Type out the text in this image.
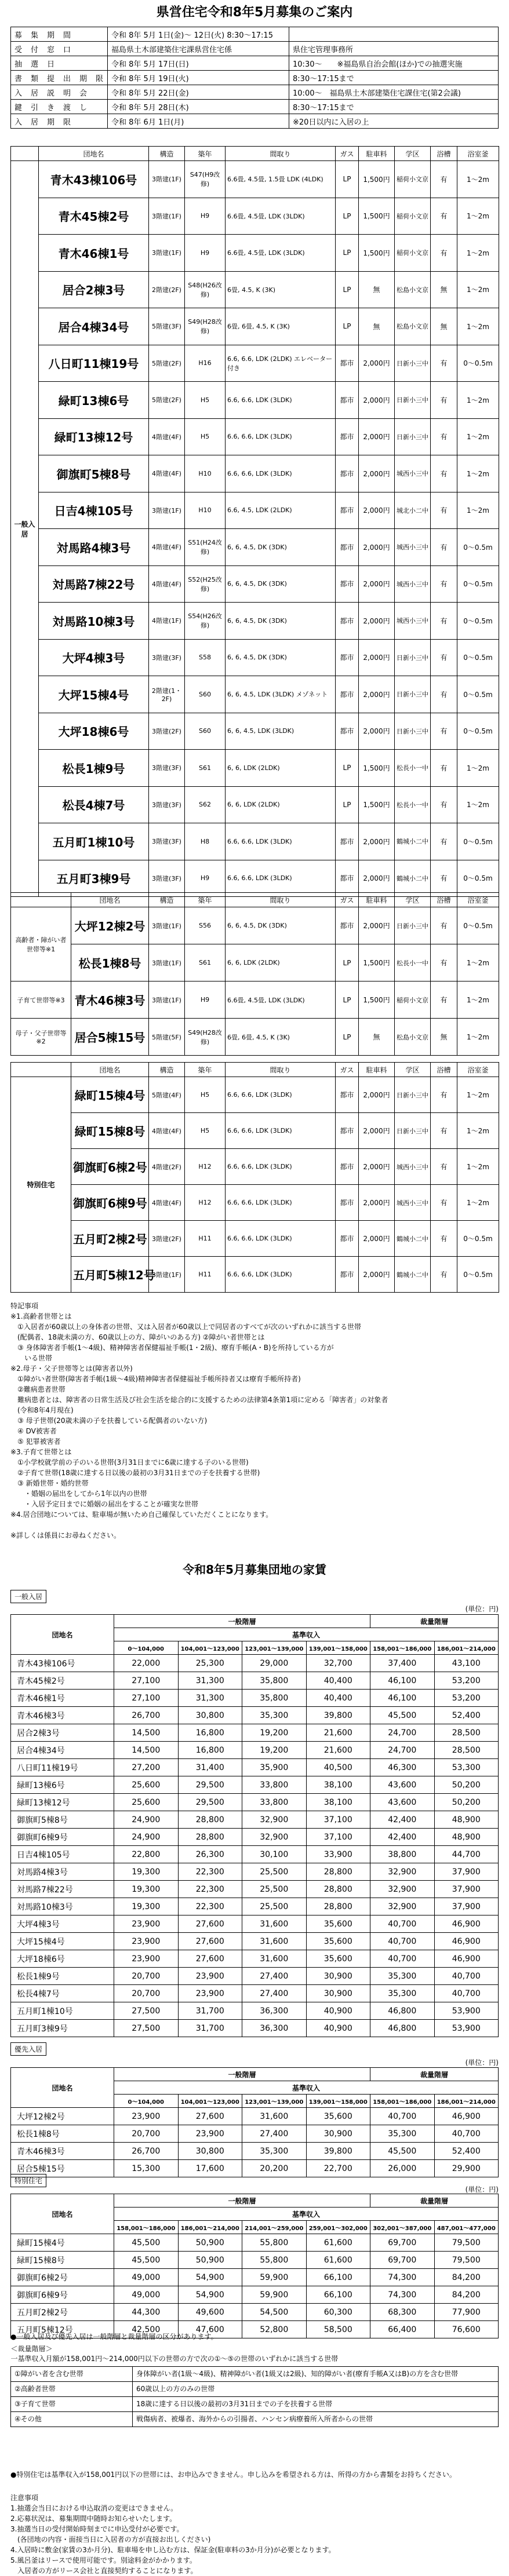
県営住宅令和8年5月募集のご案内
募　集　期　間	令和 8年 5月 1日(金)～ 12日(火) 8:30～17:15	
受　付　窓　口	福島県土木部建築住宅課県営住宅係	県住宅管理事務所
抽　選　日	令和 8年 5月 17日(日)	10:30～　　※福島県自治会館(ほか)での抽選実施
書　類　提　出　期　限	令和 8年 5月 19日(火)	8:30～17:15まで
入　居　説　明　会	令和 8年 5月 22日(金)	10:00～　福島県土木部建築住宅課住宅(第2会議)
鍵　引　き　渡　し	令和 8年 5月 28日(木)	8:30～17:15まで
入　居　期　限	令和 8年 6月 1日(月)	※20日以内に入居の上
	団地名	構造	築年	間取り	ガス	駐車料	学区	浴槽	浴室釜
一般入居	青木43棟106号	3階建(1F)	S47(H9改修)	6.6畳, 4.5畳, 1.5畳 LDK (4LDK)	LP	1,500円	稲荷小文京	有	1～2m
	青木45棟2号	3階建(1F)	H9	6.6畳, 4.5畳, LDK (3LDK)	LP	1,500円	稲荷小文京	有	1～2m
	青木46棟1号	3階建(1F)	H9	6.6畳, 4.5畳, LDK (3LDK)	LP	1,500円	稲荷小文京	有	1～2m
	居合2棟3号	2階建(2F)	S48(H26改修)	6畳, 4.5, K (3K)	LP	無	松島小文京	無	1～2m
	居合4棟34号	5階建(3F)	S49(H28改修)	6畳, 6畳, 4.5, K (3K)	LP	無	松島小文京	無	1～2m
	八日町11棟19号	5階建(2F)	H16	6.6, 6.6, LDK (2LDK) エレベーター付き	都市	2,000円	日新小三中	有	0～0.5m
	緑町13棟6号	5階建(2F)	H5	6.6, 6.6, LDK (3LDK)	都市	2,000円	日新小三中	有	1～2m
	緑町13棟12号	4階建(4F)	H5	6.6, 6.6, LDK (3LDK)	都市	2,000円	日新小三中	有	1～2m
	御旗町5棟8号	4階建(4F)	H10	6.6, 6.6, LDK (3LDK)	都市	2,000円	城西小三中	有	1～2m
	日吉4棟105号	3階建(1F)	H10	6.6, 4.5, LDK (2LDK)	都市	2,000円	城北小二中	有	1～2m
	対馬路4棟3号	4階建(4F)	S51(H24改修)	6, 6, 4.5, DK (3DK)	都市	2,000円	城西小三中	有	0～0.5m
	対馬路7棟22号	4階建(4F)	S52(H25改修)	6, 6, 4.5, DK (3DK)	都市	2,000円	城西小三中	有	0～0.5m
	対馬路10棟3号	4階建(1F)	S54(H26改修)	6, 6, 4.5, DK (3DK)	都市	2,000円	城西小三中	有	0～0.5m
	大坪4棟3号	3階建(3F)	S58	6, 6, 4.5, DK (3DK)	都市	2,000円	日新小三中	有	0～0.5m
	大坪15棟4号	2階建(1・2F)	S60	6, 6, 4.5, LDK (3LDK) メゾネット	都市	2,000円	日新小三中	有	0～0.5m
	大坪18棟6号	3階建(2F)	S60	6, 6, 4.5, LDK (3LDK)	都市	2,000円	日新小三中	有	0～0.5m
	松長1棟9号	3階建(3F)	S61	6, 6, LDK (2LDK)	LP	1,500円	松長小一中	有	1～2m
	松長4棟7号	3階建(3F)	S62	6, 6, LDK (2LDK)	LP	1,500円	松長小一中	有	1～2m
	五月町1棟10号	3階建(3F)	H8	6.6, 6.6, LDK (3LDK)	都市	2,000円	鶴城小二中	有	0～0.5m
	五月町3棟9号	3階建(3F)	H9	6.6, 6.6, LDK (3LDK)	都市	2,000円	鶴城小二中	有	0～0.5m
	団地名	構造	築年	間取り	ガス	駐車料	学区	浴槽	浴室釜
高齢者・障がい者世帯等※1	大坪12棟2号	3階建(1F)	S56	6, 6, 4.5, DK (3DK)	都市	2,000円	日新小三中	有	0～0.5m
	松長1棟8号	3階建(1F)	S61	6, 6, LDK (2LDK)	LP	1,500円	松長小一中	有	1～2m
子育て世帯等※3	青木46棟3号	3階建(1F)	H9	6.6畳, 4.5畳, LDK (3LDK)	LP	1,500円	稲荷小文京	有	1～2m
母子・父子世帯等※2	居合5棟15号	5階建(5F)	S49(H28改修)	6畳, 6畳, 4.5, K (3K)	LP	無	松島小文京	無	1～2m
	団地名	構造	築年	間取り	ガス	駐車料	学区	浴槽	浴室釜
特別住宅	緑町15棟4号	5階建(4F)	H5	6.6, 6.6, LDK (3LDK)	都市	2,000円	日新小三中	有	1～2m
	緑町15棟8号	4階建(4F)	H5	6.6, 6.6, LDK (3LDK)	都市	2,000円	日新小三中	有	1～2m
	御旗町6棟2号	4階建(2F)	H12	6.6, 6.6, LDK (3LDK)	都市	2,000円	城西小三中	有	1～2m
	御旗町6棟9号	4階建(4F)	H12	6.6, 6.6, LDK (3LDK)	都市	2,000円	城西小三中	有	1～2m
	五月町2棟2号	3階建(2F)	H11	6.6, 6.6, LDK (3LDK)	都市	2,000円	鶴城小二中	有	0～0.5m
	五月町5棟12号	3階建(1F)	H11	6.6, 6.6, LDK (3LDK)	都市	2,000円	鶴城小二中	有	0～0.5m

特記事項

※1.高齢者世帯とは

　①入居者が60歳以上の身体者の世帯、又は入居者が60歳以上で同居者のすべてが次のいずれかに該当する世帯

　(配偶者、18歳未満の方、60歳以上の方、障がいのある方) ②障がい者世帯とは

　③ 身体障害者手帳(1～4級)、精神障害者保健福祉手帳(1・2級)、療育手帳(A・B)を所持している方が

　　いる世帯

※2.母子・父子世帯等とは(障害者以外)

　①障がい者世帯(障害者手帳(1級～4級)精神障害者保健福祉手帳所持者又は療育手帳所持者)

　②難病患者世帯

　難病患者とは、障害者の日常生活及び社会生活を総合的に支援するための法律第4条第1項に定める「障害者」の対象者

　(令和8年4月現在)

　③ 母子世帯(20歳未満の子を扶養している配偶者のいない方)

　④ DV被害者

　⑤ 犯罪被害者

※3.子育て世帯とは

　①小学校就学前の子のいる世帯(3月31日までに6歳に達する子のいる世帯)

　②子育て世帯(18歳に達する日以後の最初の3月31日までの子を扶養する世帯)

　③ 新婚世帯・婚約世帯

　　・婚姻の届出をしてから1年以内の世帯

　　・入居予定日までに婚姻の届出をすることが確実な世帯

※4.居合団地については、駐車場が無いため自己確保していただくことになります。

※詳しくは係員にお尋ねください。

令和8年5月募集団地の家賃
一般入居
(単位：円)
団地名	一般階層				裁量階層	
	基準収入					
	0～104,000	104,001～123,000	123,001～139,000	139,001～158,000	158,001～186,000	186,001～214,000
青木43棟106号	22,000	25,300	29,000	32,700	37,400	43,100
青木45棟2号	27,100	31,300	35,800	40,400	46,100	53,200
青木46棟1号	27,100	31,300	35,800	40,400	46,100	53,200
青木46棟3号	26,700	30,800	35,300	39,800	45,500	52,400
居合2棟3号	14,500	16,800	19,200	21,600	24,700	28,500
居合4棟34号	14,500	16,800	19,200	21,600	24,700	28,500
八日町11棟19号	27,200	31,400	35,900	40,500	46,300	53,300
緑町13棟6号	25,600	29,500	33,800	38,100	43,600	50,200
緑町13棟12号	25,600	29,500	33,800	38,100	43,600	50,200
御旗町5棟8号	24,900	28,800	32,900	37,100	42,400	48,900
御旗町6棟9号	24,900	28,800	32,900	37,100	42,400	48,900
日吉4棟105号	22,800	26,300	30,100	33,900	38,800	44,700
対馬路4棟3号	19,300	22,300	25,500	28,800	32,900	37,900
対馬路7棟22号	19,300	22,300	25,500	28,800	32,900	37,900
対馬路10棟3号	19,300	22,300	25,500	28,800	32,900	37,900
大坪4棟3号	23,900	27,600	31,600	35,600	40,700	46,900
大坪15棟4号	23,900	27,600	31,600	35,600	40,700	46,900
大坪18棟6号	23,900	27,600	31,600	35,600	40,700	46,900
松長1棟9号	20,700	23,900	27,400	30,900	35,300	40,700
松長4棟7号	20,700	23,900	27,400	30,900	35,300	40,700
五月町1棟10号	27,500	31,700	36,300	40,900	46,800	53,900
五月町3棟9号	27,500	31,700	36,300	40,900	46,800	53,900
優先入居
(単位：円)
団地名	一般階層				裁量階層	
	基準収入					
	0～104,000	104,001～123,000	123,001～139,000	139,001～158,000	158,001～186,000	186,001～214,000
大坪12棟2号	23,900	27,600	31,600	35,600	40,700	46,900
松長1棟8号	20,700	23,900	27,400	30,900	35,300	40,700
青木46棟3号	26,700	30,800	35,300	39,800	45,500	52,400
居合5棟15号	15,300	17,600	20,200	22,700	26,000	29,900
特別住宅
(単位：円)
団地名	一般階層				裁量階層	
	基準収入					
	158,001～186,000	186,001～214,000	214,001～259,000	259,001～302,000	302,001～387,000	487,001～477,000
緑町15棟4号	45,500	50,900	55,800	61,600	69,700	79,500
緑町15棟8号	45,500	50,900	55,800	61,600	69,700	79,500
御旗町6棟2号	49,000	54,900	59,900	66,100	74,300	84,200
御旗町6棟9号	49,000	54,900	59,900	66,100	74,300	84,200
五月町2棟2号	44,300	49,600	54,500	60,300	68,300	77,900
五月町5棟12号	42,500	47,600	52,800	58,500	66,400	76,600
●一般入居及び優先入居は一般階層と裁量階層の区分があります。
＜裁量階層＞	
一基準収入月額が158,001円～214,000円以下の世帯の方で次の①～⑤の世帯のいずれかに該当する世帯	
①障がい者を含む世帯	身体障がい者(1級～4級)、精神障がい者(1級又は2級)、知的障がい者(療育手帳A又はB)の方を含む世帯
②高齢者世帯	60歳以上の方のみの世帯
③子育て世帯	18歳に達する日以後の最初の3月31日までの子を扶養する世帯
④その他	戦傷病者、被爆者、海外からの引揚者、ハンセン病療養所入所者からの世帯
●特別住宅は基準収入が158,001円以下の世帯には、お申込みできません。申し込みを希望される方は、所得の方から書類をお持ちください。

注意事項

1.抽選会当日における申込取消の変更はできません。

2.応募状況は、募集期間中随時お知らせいたします。

3.抽選当日の受付開始時刻までに申込受付が必要です。

　(各団地の内容・面接当日に入居者の方が直接お出しください)

4.入居時に敷金(家賃の3か月分)、駐車場を申し込む方は、保証金(駐車料の3か月分)が必要となります。

5.風呂釜はリースで使用可能です。別途料金がかかります。

　入居者の方がリース会社と直接契約することになります。
